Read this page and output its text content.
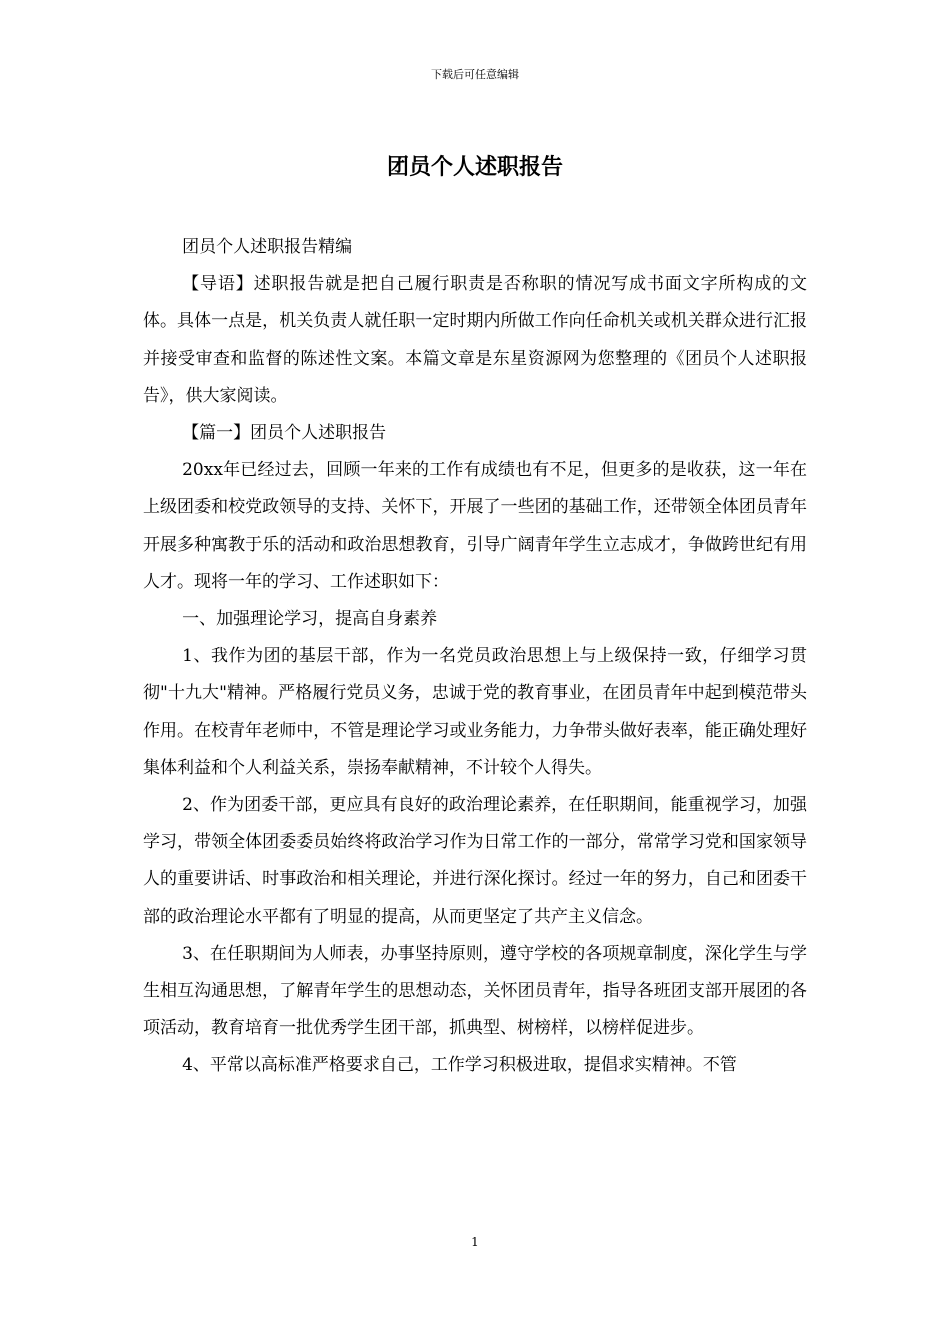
下载后可任意编辑
团员个人述职报告

团员个人述职报告精编

【导语】述职报告就是把自己履行职责是否称职的情况写成书面文字所构成的文体。具体一点是，机关负责人就任职一定时期内所做工作向任命机关或机关群众进行汇报并接受审查和监督的陈述性文案。本篇文章是东星资源网为您整理的《团员个人述职报告》，供大家阅读。

【篇一】团员个人述职报告

20xx年已经过去，回顾一年来的工作有成绩也有不足，但更多的是收获，这一年在上级团委和校党政领导的支持、关怀下，开展了一些团的基础工作，还带领全体团员青年开展多种寓教于乐的活动和政治思想教育，引导广阔青年学生立志成才，争做跨世纪有用人才。现将一年的学习、工作述职如下：

一、加强理论学习，提高自身素养

1、我作为团的基层干部，作为一名党员政治思想上与上级保持一致，仔细学习贯彻"十九大"精神。严格履行党员义务，忠诚于党的教育事业，在团员青年中起到模范带头作用。在校青年老师中，不管是理论学习或业务能力，力争带头做好表率，能正确处理好集体利益和个人利益关系，崇扬奉献精神，不计较个人得失。

2、作为团委干部，更应具有良好的政治理论素养，在任职期间，能重视学习，加强学习，带领全体团委委员始终将政治学习作为日常工作的一部分，常常学习党和国家领导人的重要讲话、时事政治和相关理论，并进行深化探讨。经过一年的努力，自己和团委干部的政治理论水平都有了明显的提高，从而更坚定了共产主义信念。

3、在任职期间为人师表，办事坚持原则，遵守学校的各项规章制度，深化学生与学生相互沟通思想，了解青年学生的思想动态，关怀团员青年，指导各班团支部开展团的各项活动，教育培育一批优秀学生团干部，抓典型、树榜样，以榜样促进步。

4、平常以高标准严格要求自己，工作学习积极进取，提倡求实精神。不管

1
